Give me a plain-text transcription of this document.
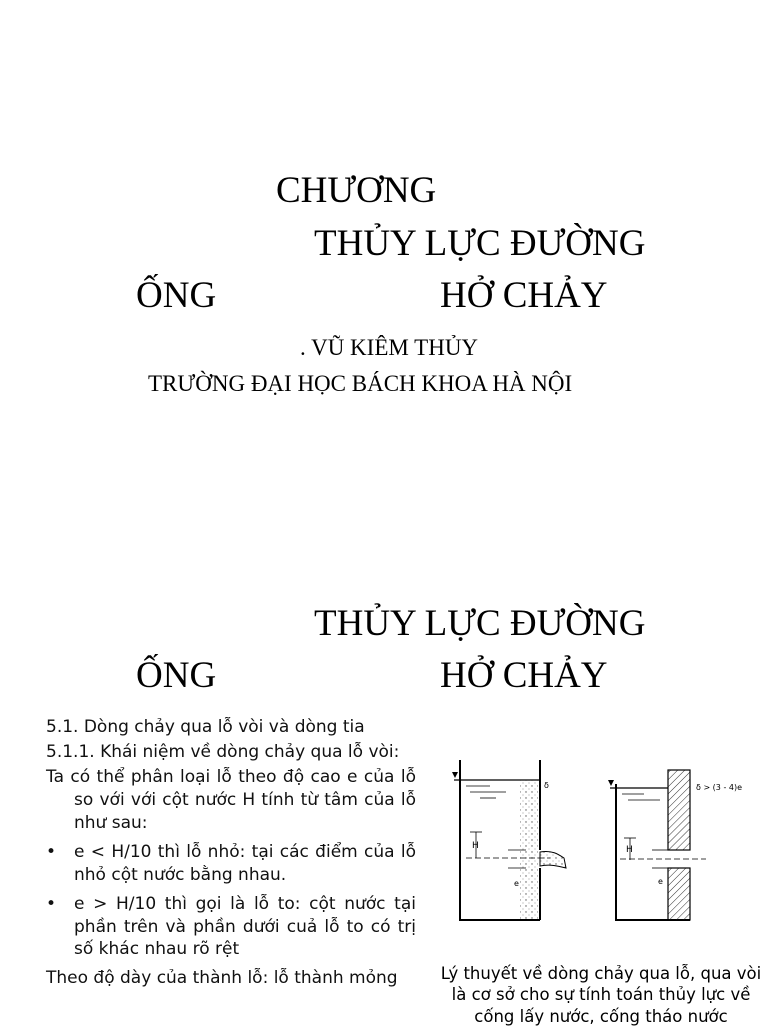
CHƯƠNG
THỦY LỰC ĐƯỜNG
ỐNG	HỞ CHẢY
. VŨ KIÊM THỦY
TRƯỜNG ĐẠI HỌC BÁCH KHOA HÀ NỘI
THỦY LỰC ĐƯỜNG
ỐNG	HỞ CHẢY

5.1. Dòng chảy qua lỗ vòi và dòng tia

5.1.1. Khái niệm về dòng chảy qua lỗ vòi:

Ta có thể phân loại lỗ theo độ cao e của lỗ so với với cột nước H tính từ tâm của lỗ như sau:

• e < H/10 thì lỗ nhỏ: tại các điểm của lỗ nhỏ cột nước bằng nhau.
• e > H/10 thì gọi là lỗ to: cột nước tại phần trên và phần dưới cuả lỗ to có trị số khác nhau rõ rệt

Theo độ dày của thành lỗ: lỗ thành mỏng

H
e
δ	δ > (3 - 4)e
H
e
Lý thuyết về dòng chảy qua lỗ, qua vòi là cơ sở cho sự tính toán thủy lực về cống lấy nước, cống tháo nước
